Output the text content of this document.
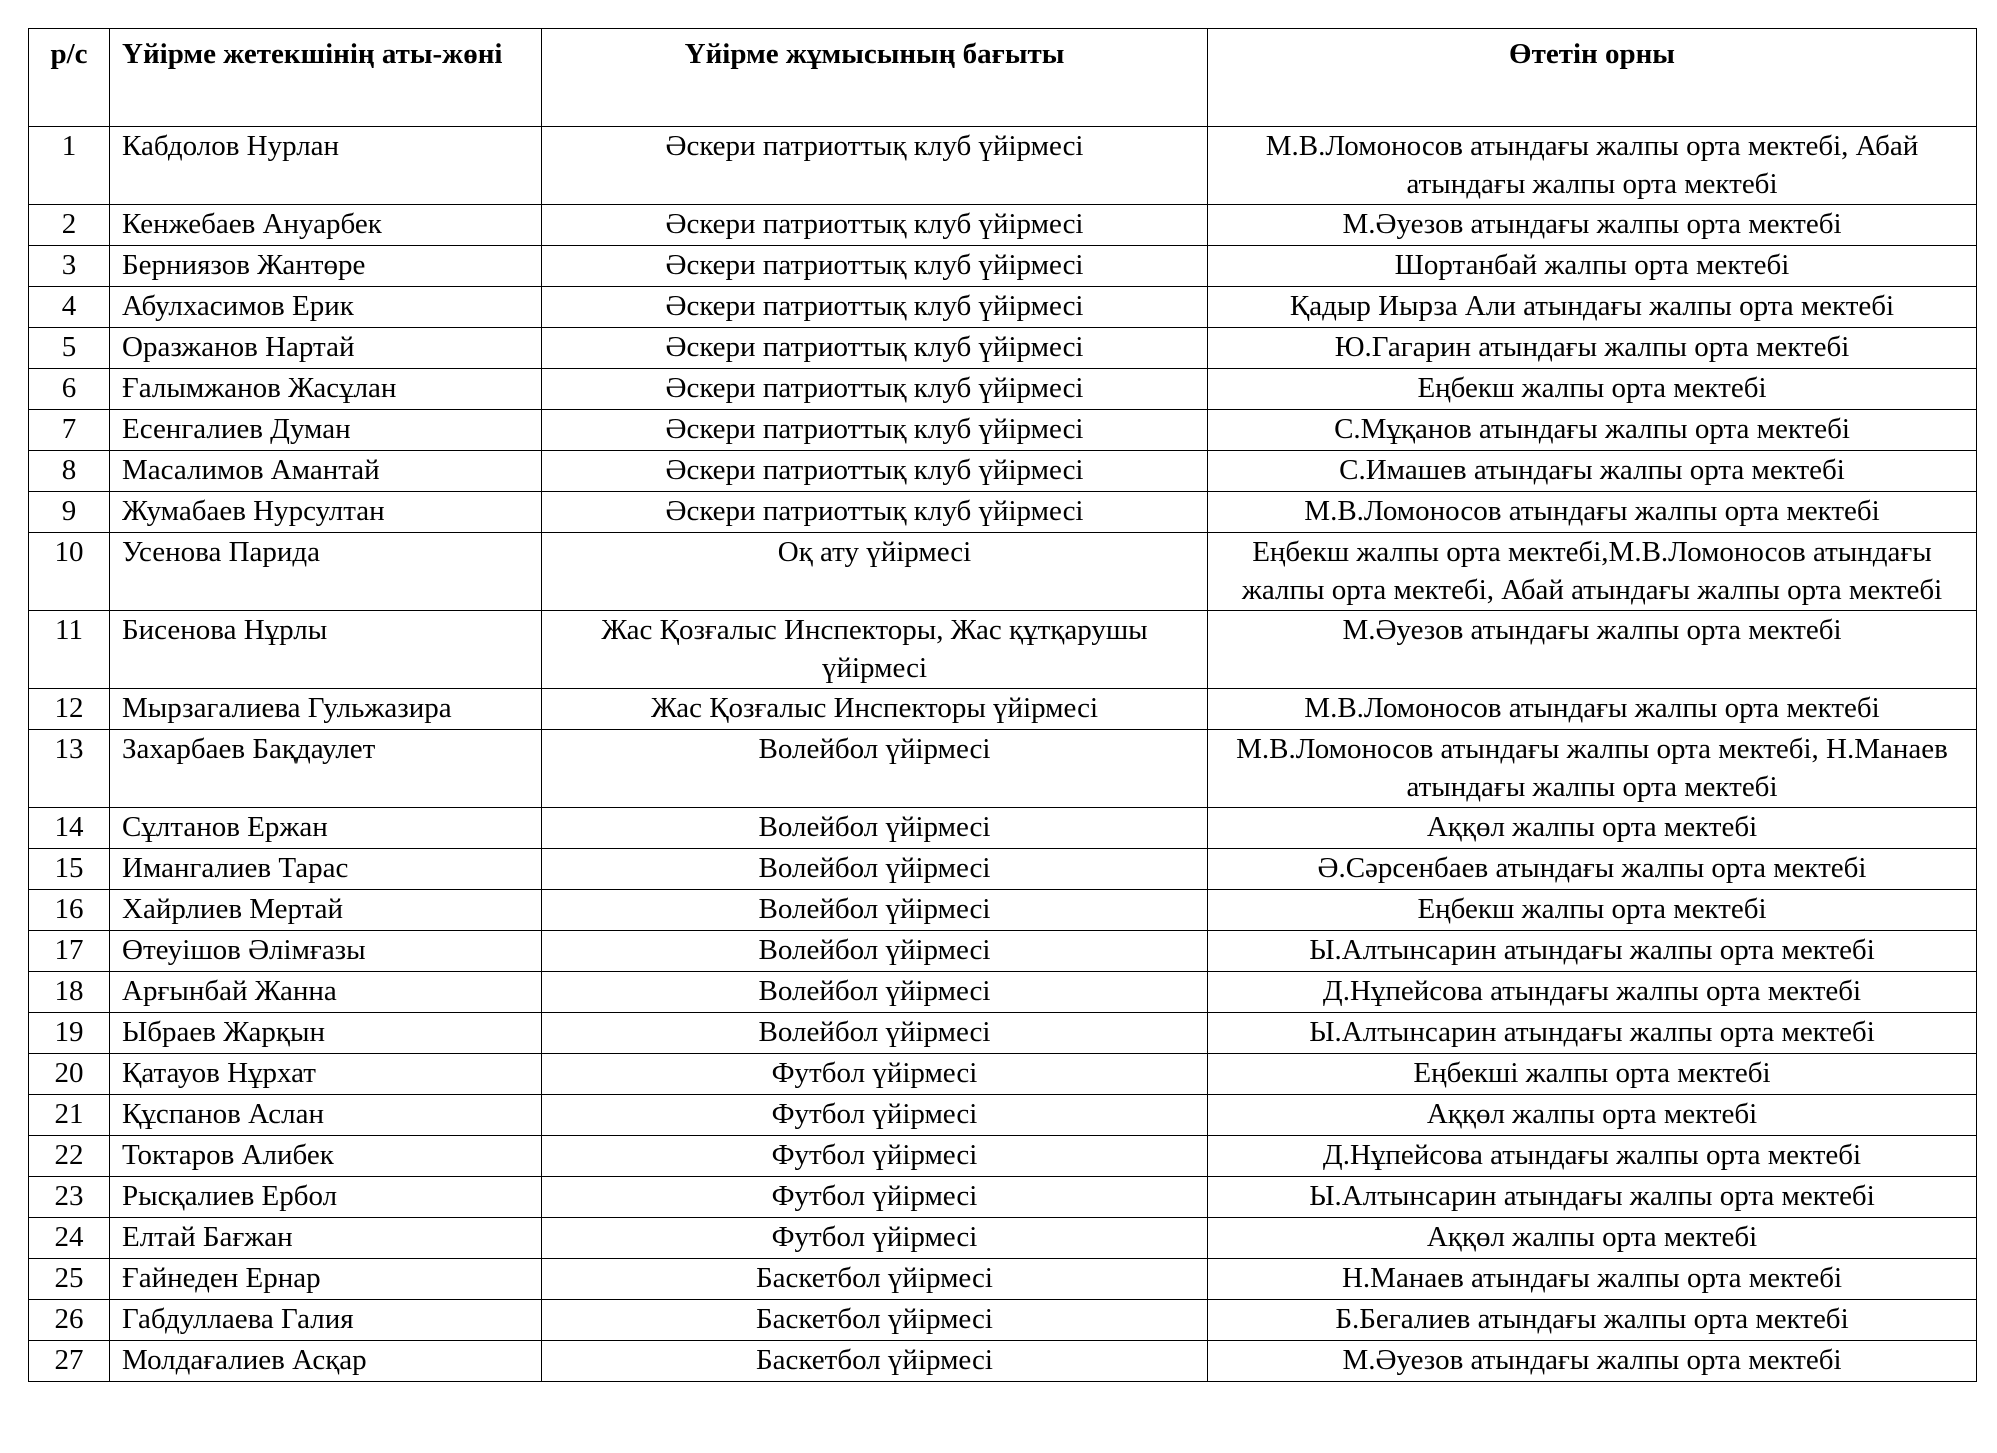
р/с	Үйірме жетекшінің аты-жөні	Үйірме жұмысының бағыты	Өтетін орны
1	Кабдолов Нурлан	Әскери патриоттық клуб үйірмесі	М.В.Ломоносов атындағы жалпы орта мектебі, Абай атындағы жалпы орта мектебі
2	Кенжебаев Ануарбек	Әскери патриоттық клуб үйірмесі	М.Әуезов атындағы жалпы орта мектебі
3	Берниязов Жантөре	Әскери патриоттық клуб үйірмесі	Шортанбай жалпы орта мектебі
4	Абулхасимов Ерик	Әскери патриоттық клуб үйірмесі	Қадыр Иырза Али атындағы жалпы орта мектебі
5	Оразжанов Нартай	Әскери патриоттық клуб үйірмесі	Ю.Гагарин атындағы жалпы орта мектебі
6	Ғалымжанов Жасұлан	Әскери патриоттық клуб үйірмесі	Еңбекш жалпы орта мектебі
7	Есенгалиев Думан	Әскери патриоттық клуб үйірмесі	С.Мұқанов атындағы жалпы орта мектебі
8	Масалимов Амантай	Әскери патриоттық клуб үйірмесі	С.Имашев атындағы жалпы орта мектебі
9	Жумабаев Нурсултан	Әскери патриоттық клуб үйірмесі	М.В.Ломоносов атындағы жалпы орта мектебі
10	Усенова Парида	Оқ ату үйірмесі	Еңбекш жалпы орта мектебі,М.В.Ломоносов атындағы жалпы орта мектебі, Абай атындағы жалпы орта мектебі
11	Бисенова Нұрлы	Жас Қозғалыс Инспекторы, Жас құтқарушы үйірмесі	М.Әуезов атындағы жалпы орта мектебі
12	Мырзагалиева Гульжазира	Жас Қозғалыс Инспекторы үйірмесі	М.В.Ломоносов атындағы жалпы орта мектебі
13	Захарбаев Бақдаулет	Волейбол үйірмесі	М.В.Ломоносов атындағы жалпы орта мектебі, Н.Манаев атындағы жалпы орта мектебі
14	Сұлтанов Ержан	Волейбол үйірмесі	Аққөл жалпы орта мектебі
15	Имангалиев Тарас	Волейбол үйірмесі	Ә.Сәрсенбаев атындағы жалпы орта мектебі
16	Хайрлиев Мертай	Волейбол үйірмесі	Еңбекш жалпы орта мектебі
17	Өтеуішов Әлімғазы	Волейбол үйірмесі	Ы.Алтынсарин атындағы жалпы орта мектебі
18	Арғынбай Жанна	Волейбол үйірмесі	Д.Нұпейсова атындағы жалпы орта мектебі
19	Ыбраев Жарқын	Волейбол үйірмесі	Ы.Алтынсарин атындағы жалпы орта мектебі
20	Қатауов Нұрхат	Футбол үйірмесі	Еңбекші жалпы орта мектебі
21	Құспанов Аслан	Футбол үйірмесі	Аққөл жалпы орта мектебі
22	Токтаров Алибек	Футбол үйірмесі	Д.Нұпейсова атындағы жалпы орта мектебі
23	Рысқалиев Ербол	Футбол үйірмесі	Ы.Алтынсарин атындағы жалпы орта мектебі
24	Елтай Бағжан	Футбол үйірмесі	Аққөл жалпы орта мектебі
25	Ғайнеден Ернар	Баскетбол үйірмесі	Н.Манаев атындағы жалпы орта мектебі
26	Габдуллаева Галия	Баскетбол үйірмесі	Б.Бегалиев атындағы жалпы орта мектебі
27	Молдағалиев Асқар	Баскетбол үйірмесі	М.Әуезов атындағы жалпы орта мектебі
